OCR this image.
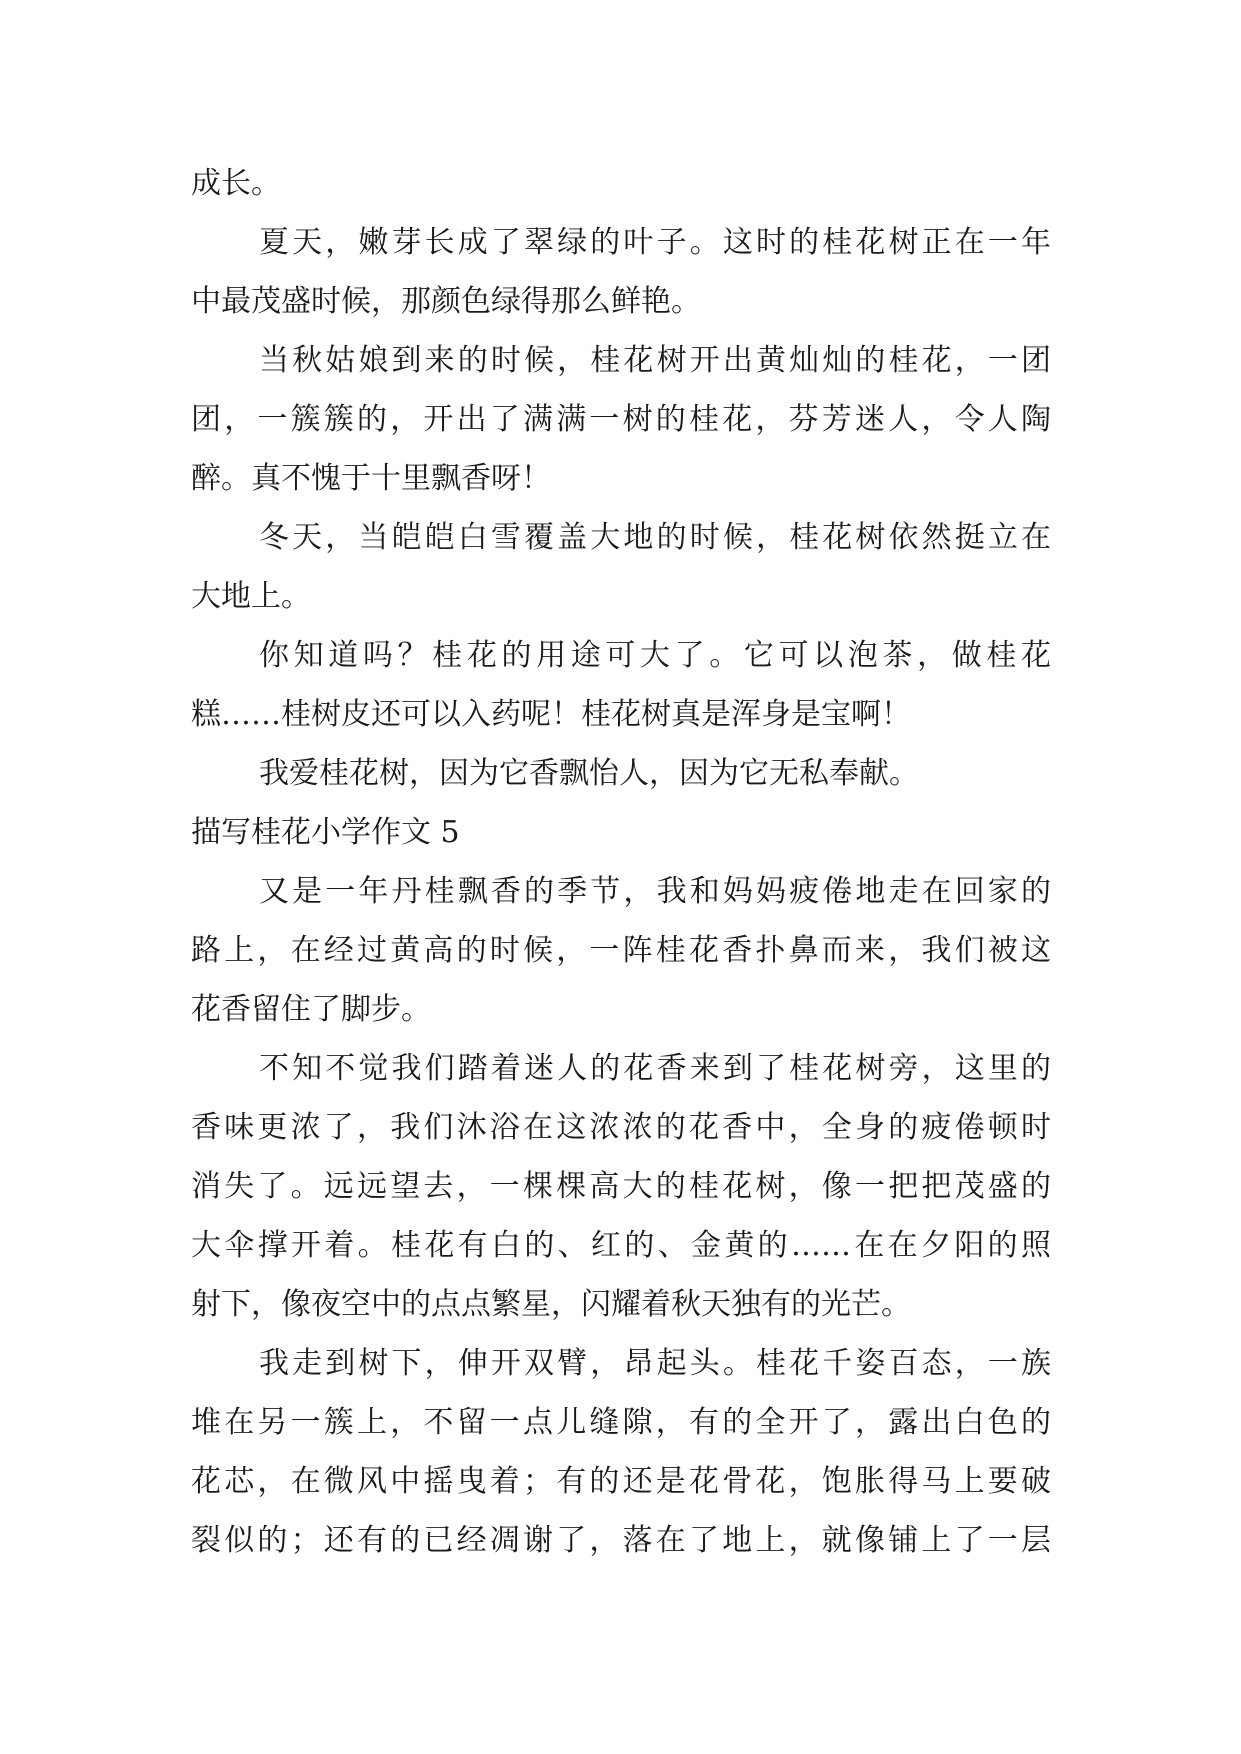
成长。
夏天，嫩芽长成了翠绿的叶子。这时的桂花树正在一年
中最茂盛时候，那颜色绿得那么鲜艳。
当秋姑娘到来的时候，桂花树开出黄灿灿的桂花，一团
团，一簇簇的，开出了满满一树的桂花，芬芳迷人，令人陶
醉。真不愧于十里飘香呀！
冬天，当皑皑白雪覆盖大地的时候，桂花树依然挺立在
大地上。
你知道吗？桂花的用途可大了。它可以泡茶，做桂花
糕……桂树皮还可以入药呢！桂花树真是浑身是宝啊！
我爱桂花树，因为它香飘怡人，因为它无私奉献。
描写桂花小学作文 5
又是一年丹桂飘香的季节，我和妈妈疲倦地走在回家的
路上，在经过黄高的时候，一阵桂花香扑鼻而来，我们被这
花香留住了脚步。
不知不觉我们踏着迷人的花香来到了桂花树旁，这里的
香味更浓了，我们沐浴在这浓浓的花香中，全身的疲倦顿时
消失了。远远望去，一棵棵高大的桂花树，像一把把茂盛的
大伞撑开着。桂花有白的、红的、金黄的……在在夕阳的照
射下，像夜空中的点点繁星，闪耀着秋天独有的光芒。
我走到树下，伸开双臂，昂起头。桂花千姿百态，一族
堆在另一簇上，不留一点儿缝隙，有的全开了，露出白色的
花芯，在微风中摇曳着；有的还是花骨花，饱胀得马上要破
裂似的；还有的已经凋谢了，落在了地上，就像铺上了一层
